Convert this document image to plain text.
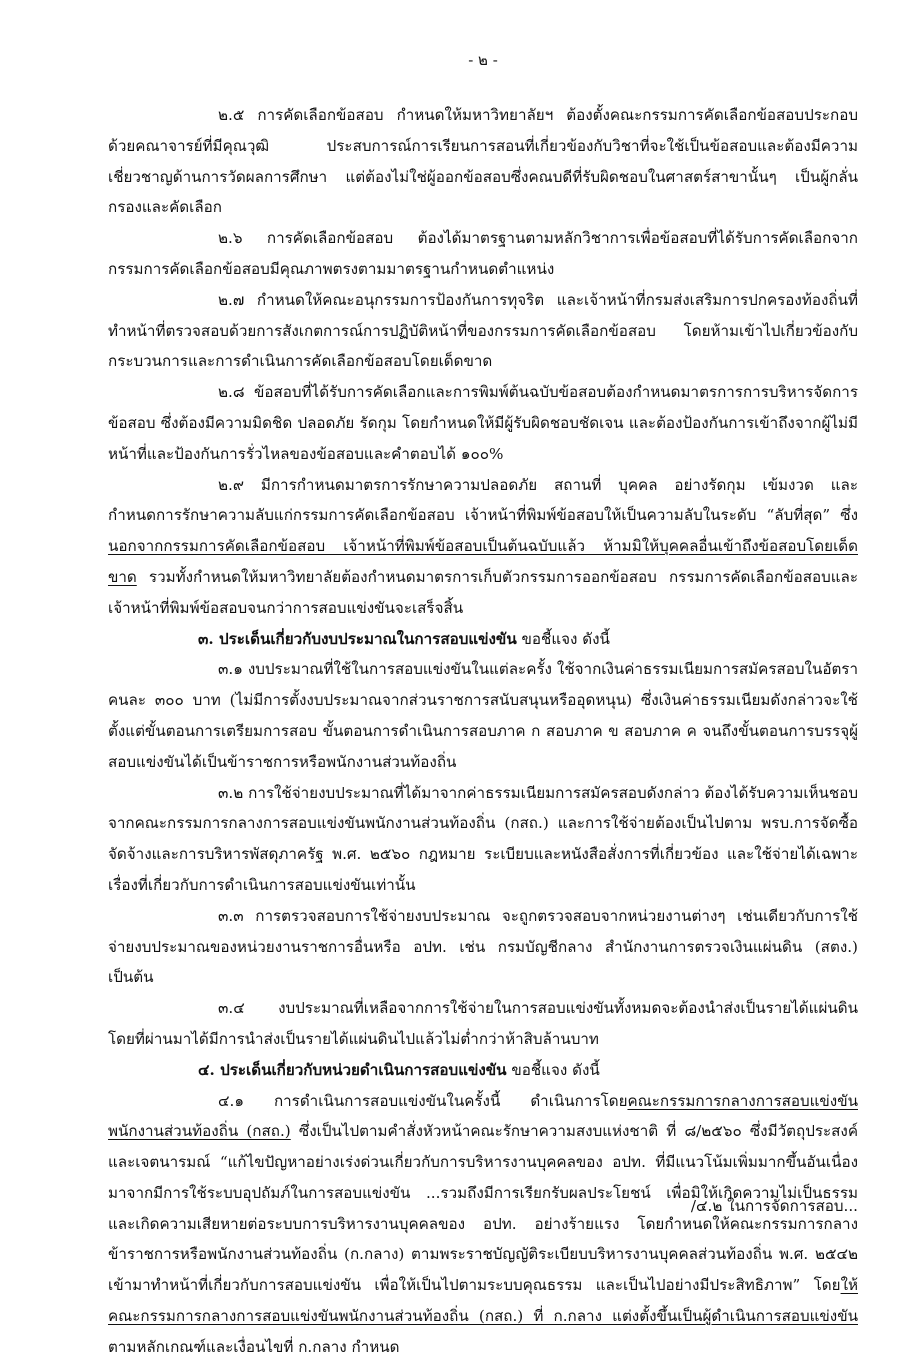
- ๒ -

๒.๕ การคัดเลือกข้อสอบ กำหนดให้มหาวิทยาลัยฯ ต้องตั้งคณะกรรมการคัดเลือกข้อสอบประกอบด้วยคณาจารย์ที่มีคุณวุฒิ ประสบการณ์การเรียนการสอนที่เกี่ยวข้องกับวิชาที่จะใช้เป็นข้อสอบและต้องมีความเชี่ยวชาญด้านการวัดผลการศึกษา แต่ต้องไม่ใช่ผู้ออกข้อสอบซึ่งคณบดีที่รับผิดชอบในศาสตร์สาขานั้นๆ เป็นผู้กลั่นกรองและคัดเลือก

๒.๖ การคัดเลือกข้อสอบ ต้องได้มาตรฐานตามหลักวิชาการเพื่อข้อสอบที่ได้รับการคัดเลือกจากกรรมการคัดเลือกข้อสอบมีคุณภาพตรงตามมาตรฐานกำหนดตำแหน่ง

๒.๗ กำหนดให้คณะอนุกรรมการป้องกันการทุจริต และเจ้าหน้าที่กรมส่งเสริมการปกครองท้องถิ่นที่ทำหน้าที่ตรวจสอบด้วยการสังเกตการณ์การปฏิบัติหน้าที่ของกรรมการคัดเลือกข้อสอบ โดยห้ามเข้าไปเกี่ยวข้องกับกระบวนการและการดำเนินการคัดเลือกข้อสอบโดยเด็ดขาด

๒.๘ ข้อสอบที่ได้รับการคัดเลือกและการพิมพ์ต้นฉบับข้อสอบต้องกำหนดมาตรการการบริหารจัดการข้อสอบ ซึ่งต้องมีความมิดชิด ปลอดภัย รัดกุม โดยกำหนดให้มีผู้รับผิดชอบชัดเจน และต้องป้องกันการเข้าถึงจากผู้ไม่มีหน้าที่และป้องกันการรั่วไหลของข้อสอบและคำตอบได้ ๑๐๐%

๒.๙ มีการกำหนดมาตรการรักษาความปลอดภัย สถานที่ บุคคล อย่างรัดกุม เข้มงวด และกำหนดการรักษาความลับแก่กรรมการคัดเลือกข้อสอบ เจ้าหน้าที่พิมพ์ข้อสอบให้เป็นความลับในระดับ “ลับที่สุด” ซึ่งนอกจากกรรมการคัดเลือกข้อสอบ เจ้าหน้าที่พิมพ์ข้อสอบเป็นต้นฉบับแล้ว ห้ามมิให้บุคคลอื่นเข้าถึงข้อสอบโดยเด็ดขาด รวมทั้งกำหนดให้มหาวิทยาลัยต้องกำหนดมาตรการเก็บตัวกรรมการออกข้อสอบ กรรมการคัดเลือกข้อสอบและเจ้าหน้าที่พิมพ์ข้อสอบจนกว่าการสอบแข่งขันจะเสร็จสิ้น

๓. ประเด็นเกี่ยวกับงบประมาณในการสอบแข่งขัน ขอชี้แจง ดังนี้

๓.๑ งบประมาณที่ใช้ในการสอบแข่งขันในแต่ละครั้ง ใช้จากเงินค่าธรรมเนียมการสมัครสอบในอัตราคนละ ๓๐๐ บาท (ไม่มีการตั้งงบประมาณจากส่วนราชการสนับสนุนหรืออุดหนุน) ซึ่งเงินค่าธรรมเนียมดังกล่าวจะใช้ตั้งแต่ขั้นตอนการเตรียมการสอบ ขั้นตอนการดำเนินการสอบภาค ก สอบภาค ข สอบภาค ค จนถึงขั้นตอนการบรรจุผู้สอบแข่งขันได้เป็นข้าราชการหรือพนักงานส่วนท้องถิ่น

๓.๒ การใช้จ่ายงบประมาณที่ได้มาจากค่าธรรมเนียมการสมัครสอบดังกล่าว ต้องได้รับความเห็นชอบจากคณะกรรมการกลางการสอบแข่งขันพนักงานส่วนท้องถิ่น (กสถ.) และการใช้จ่ายต้องเป็นไปตาม พรบ.การจัดซื้อจัดจ้างและการบริหารพัสดุภาครัฐ พ.ศ. ๒๕๖๐ กฎหมาย ระเบียบและหนังสือสั่งการที่เกี่ยวข้อง และใช้จ่ายได้เฉพาะเรื่องที่เกี่ยวกับการดำเนินการสอบแข่งขันเท่านั้น

๓.๓ การตรวจสอบการใช้จ่ายงบประมาณ จะถูกตรวจสอบจากหน่วยงานต่างๆ เช่นเดียวกับการใช้จ่ายงบประมาณของหน่วยงานราชการอื่นหรือ อปท. เช่น กรมบัญชีกลาง สำนักงานการตรวจเงินแผ่นดิน (สตง.) เป็นต้น

๓.๔ งบประมาณที่เหลือจากการใช้จ่ายในการสอบแข่งขันทั้งหมดจะต้องนำส่งเป็นรายได้แผ่นดิน โดยที่ผ่านมาได้มีการนำส่งเป็นรายได้แผ่นดินไปแล้วไม่ต่ำกว่าห้าสิบล้านบาท

๔. ประเด็นเกี่ยวกับหน่วยดำเนินการสอบแข่งขัน ขอชี้แจง ดังนี้

๔.๑ การดำเนินการสอบแข่งขันในครั้งนี้ ดำเนินการโดยคณะกรรมการกลางการสอบแข่งขันพนักงานส่วนท้องถิ่น (กสถ.) ซึ่งเป็นไปตามคำสั่งหัวหน้าคณะรักษาความสงบแห่งชาติ ที่ ๘/๒๕๖๐ ซึ่งมีวัตถุประสงค์และเจตนารมณ์ “แก้ไขปัญหาอย่างเร่งด่วนเกี่ยวกับการบริหารงานบุคคลของ อปท. ที่มีแนวโน้มเพิ่มมากขึ้นอันเนื่องมาจากมีการใช้ระบบอุปถัมภ์ในการสอบแข่งขัน ...รวมถึงมีการเรียกรับผลประโยชน์ เพื่อมิให้เกิดความไม่เป็นธรรม และเกิดความเสียหายต่อระบบการบริหารงานบุคคลของ อปท. อย่างร้ายแรง โดยกำหนดให้คณะกรรมการกลางข้าราชการหรือพนักงานส่วนท้องถิ่น (ก.กลาง) ตามพระราชบัญญัติระเบียบบริหารงานบุคคลส่วนท้องถิ่น พ.ศ. ๒๕๔๒ เข้ามาทำหน้าที่เกี่ยวกับการสอบแข่งขัน เพื่อให้เป็นไปตามระบบคุณธรรม และเป็นไปอย่างมีประสิทธิภาพ” โดยให้คณะกรรมการกลางการสอบแข่งขันพนักงานส่วนท้องถิ่น (กสถ.) ที่ ก.กลาง แต่งตั้งขึ้นเป็นผู้ดำเนินการสอบแข่งขันตามหลักเกณฑ์และเงื่อนไขที่ ก.กลาง กำหนด

/๔.๒ ในการจัดการสอบ...
